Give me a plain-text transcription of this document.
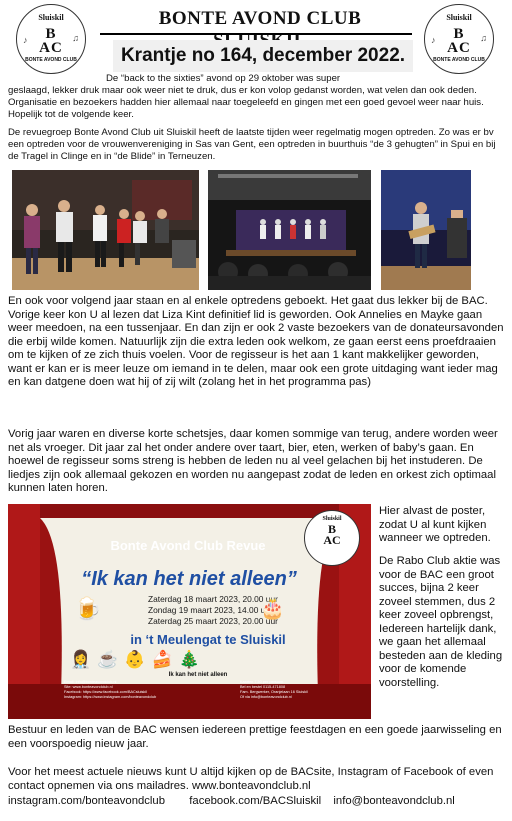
Sluiskil
B
AC
♪	♫
BONTE AVOND CLUB
Sluiskil
B
AC
♪	♫
BONTE AVOND CLUB
BONTE AVOND CLUB
Krantje no 164, december 2022.
De “back to the sixties” avond op 29 oktober was super
geslaagd, lekker druk maar ook weer niet te druk, dus er kon volop gedanst worden, wat velen dan ook deden. Organisatie en bezoekers hadden hier allemaal naar toegeleefd en gingen met een goed gevoel weer naar huis. Hopelijk tot de volgende keer.
De revuegroep Bonte Avond Club uit Sluiskil heeft de laatste tijden weer regelmatig mogen optreden. Zo was er bv een optreden voor de vrouwenvereniging in Sas van Gent, een optreden in buurthuis “de 3 gehugten” in Spui en bij de Tragel in Clinge en in “de Blide” in Terneuzen.
En ook voor volgend jaar staan en al enkele optredens geboekt. Het gaat dus lekker bij de BAC. Vorige keer kon U al lezen dat Liza Kint definitief lid is geworden. Ook Annelies en Mayke gaan weer meedoen, na een tussenjaar. En dan zijn er ook 2 vaste bezoekers van de donateursavonden die erbij wilde komen. Natuurlijk zijn die extra leden ook welkom, ze gaan eerst eens proefdraaien om te kijken of ze zich thuis voelen. Voor de regisseur is het aan 1 kant makkelijker geworden, want er kan er is meer leuze om iemand in te delen, maar ook een grote uitdaging want ieder mag en kan datgene doen wat hij of zij wilt (zolang het in het programma pas)
Vorig jaar waren en diverse korte schetsjes, daar komen sommige van terug, andere worden weer net als vroeger. Dit jaar zal het onder andere over taart, bier, eten, werken of baby’s gaan. En hoewel de regisseur soms streng is hebben de leden nu al veel gelachen bij het instuderen. De liedjes zijn ook allemaal gekozen en worden nu aangepast zodat de leden en orkest zich optimaal kunnen laten horen.
Sluiskil
B
AC
Bonte Avond Club Revue
“Ik kan het niet alleen”
Zaterdag 18 maart 2023, 20.00 uur
Zondag 19 maart 2023, 14.00 uur
Zaterdag 25 maart 2023, 20.00 uur
🍺	🎂
in ‘t Meulengat te Sluiskil
👩‍⚕️☕👶🍰🎄
Ik kan het niet alleen
Email: info@bonteavondclub.nl
Site: www.bonteavondclub.nl
Facebook: https://www.facebook.com/BACsluiskil
Instagram: https://www.instagram.com/bonteavondclub
Kaarten 7,50 per persoon.
Bel en bestel 0115-471808
Fam. Bergwerker, Oranjelaan 16 Sluiskil
Of via info@bonteavondclub.nl
Hier alvast de poster, zodat U al kunt kijken wanneer we optreden.
De Rabo Club aktie was voor de BAC een groot succes, bijna 2 keer zoveel stemmen, dus 2 keer zoveel opbrengst, Iedereen hartelijk dank, we gaan het allemaal besteden aan de kleding voor de komende voorstelling.
Bestuur en leden van de BAC wensen iedereen prettige feestdagen en een goede jaarwisseling en een voorspoedig nieuw jaar.
Voor het meest actuele nieuws kunt U altijd kijken op de BACsite, Instagram of Facebook of even contact opnemen via ons mailadres. www.bonteavondclub.nl
instagram.com/bonteavondclub facebook.com/BACSluiskil info@bonteavondclub.nl
